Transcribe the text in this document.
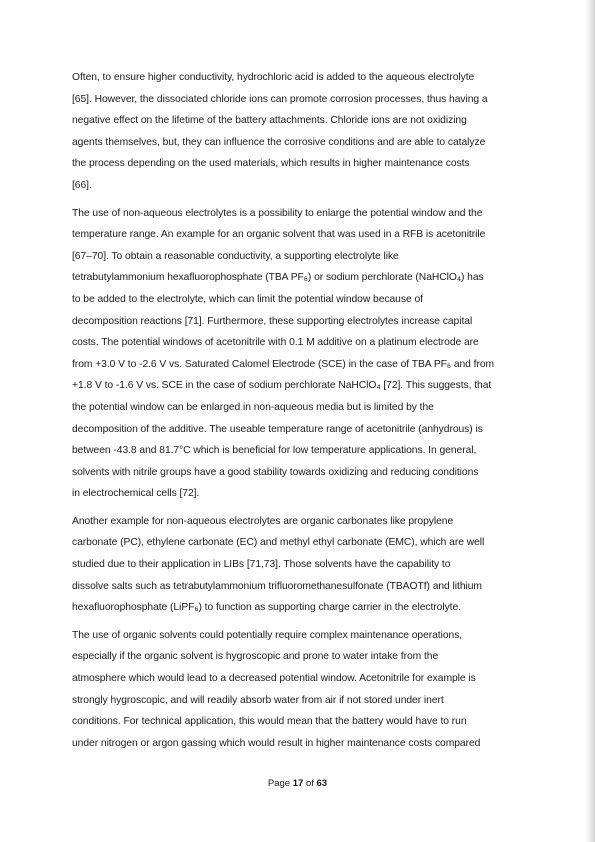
Often, to ensure higher conductivity, hydrochloric acid is added to the aqueous electrolyte
[65]. However, the dissociated chloride ions can promote corrosion processes, thus having a
negative effect on the lifetime of the battery attachments. Chloride ions are not oxidizing
agents themselves, but, they can influence the corrosive conditions and are able to catalyze
the process depending on the used materials, which results in higher maintenance costs
[66].

The use of non-aqueous electrolytes is a possibility to enlarge the potential window and the
temperature range. An example for an organic solvent that was used in a RFB is acetonitrile
[67–70]. To obtain a reasonable conductivity, a supporting electrolyte like
tetrabutylammonium hexafluorophosphate (TBA PF₆) or sodium perchlorate (NaHClO₄) has
to be added to the electrolyte, which can limit the potential window because of
decomposition reactions [71]. Furthermore, these supporting electrolytes increase capital
costs. The potential windows of acetonitrile with 0.1 M additive on a platinum electrode are
from +3.0 V to -2.6 V vs. Saturated Calomel Electrode (SCE) in the case of TBA PF₆ and from
+1.8 V to -1.6 V vs. SCE in the case of sodium perchlorate NaHClO₄ [72]. This suggests, that
the potential window can be enlarged in non-aqueous media but is limited by the
decomposition of the additive. The useable temperature range of acetonitrile (anhydrous) is
between -43.8 and 81.7°C which is beneficial for low temperature applications. In general,
solvents with nitrile groups have a good stability towards oxidizing and reducing conditions
in electrochemical cells [72].

Another example for non-aqueous electrolytes are organic carbonates like propylene
carbonate (PC), ethylene carbonate (EC) and methyl ethyl carbonate (EMC), which are well
studied due to their application in LIBs [71,73]. Those solvents have the capability to
dissolve salts such as tetrabutylammonium trifluoromethanesulfonate (TBAOTf) and lithium
hexafluorophosphate (LiPF₆) to function as supporting charge carrier in the electrolyte.

The use of organic solvents could potentially require complex maintenance operations,
especially if the organic solvent is hygroscopic and prone to water intake from the
atmosphere which would lead to a decreased potential window. Acetonitrile for example is
strongly hygroscopic, and will readily absorb water from air if not stored under inert
conditions. For technical application, this would mean that the battery would have to run
under nitrogen or argon gassing which would result in higher maintenance costs compared

Page 17 of 63
